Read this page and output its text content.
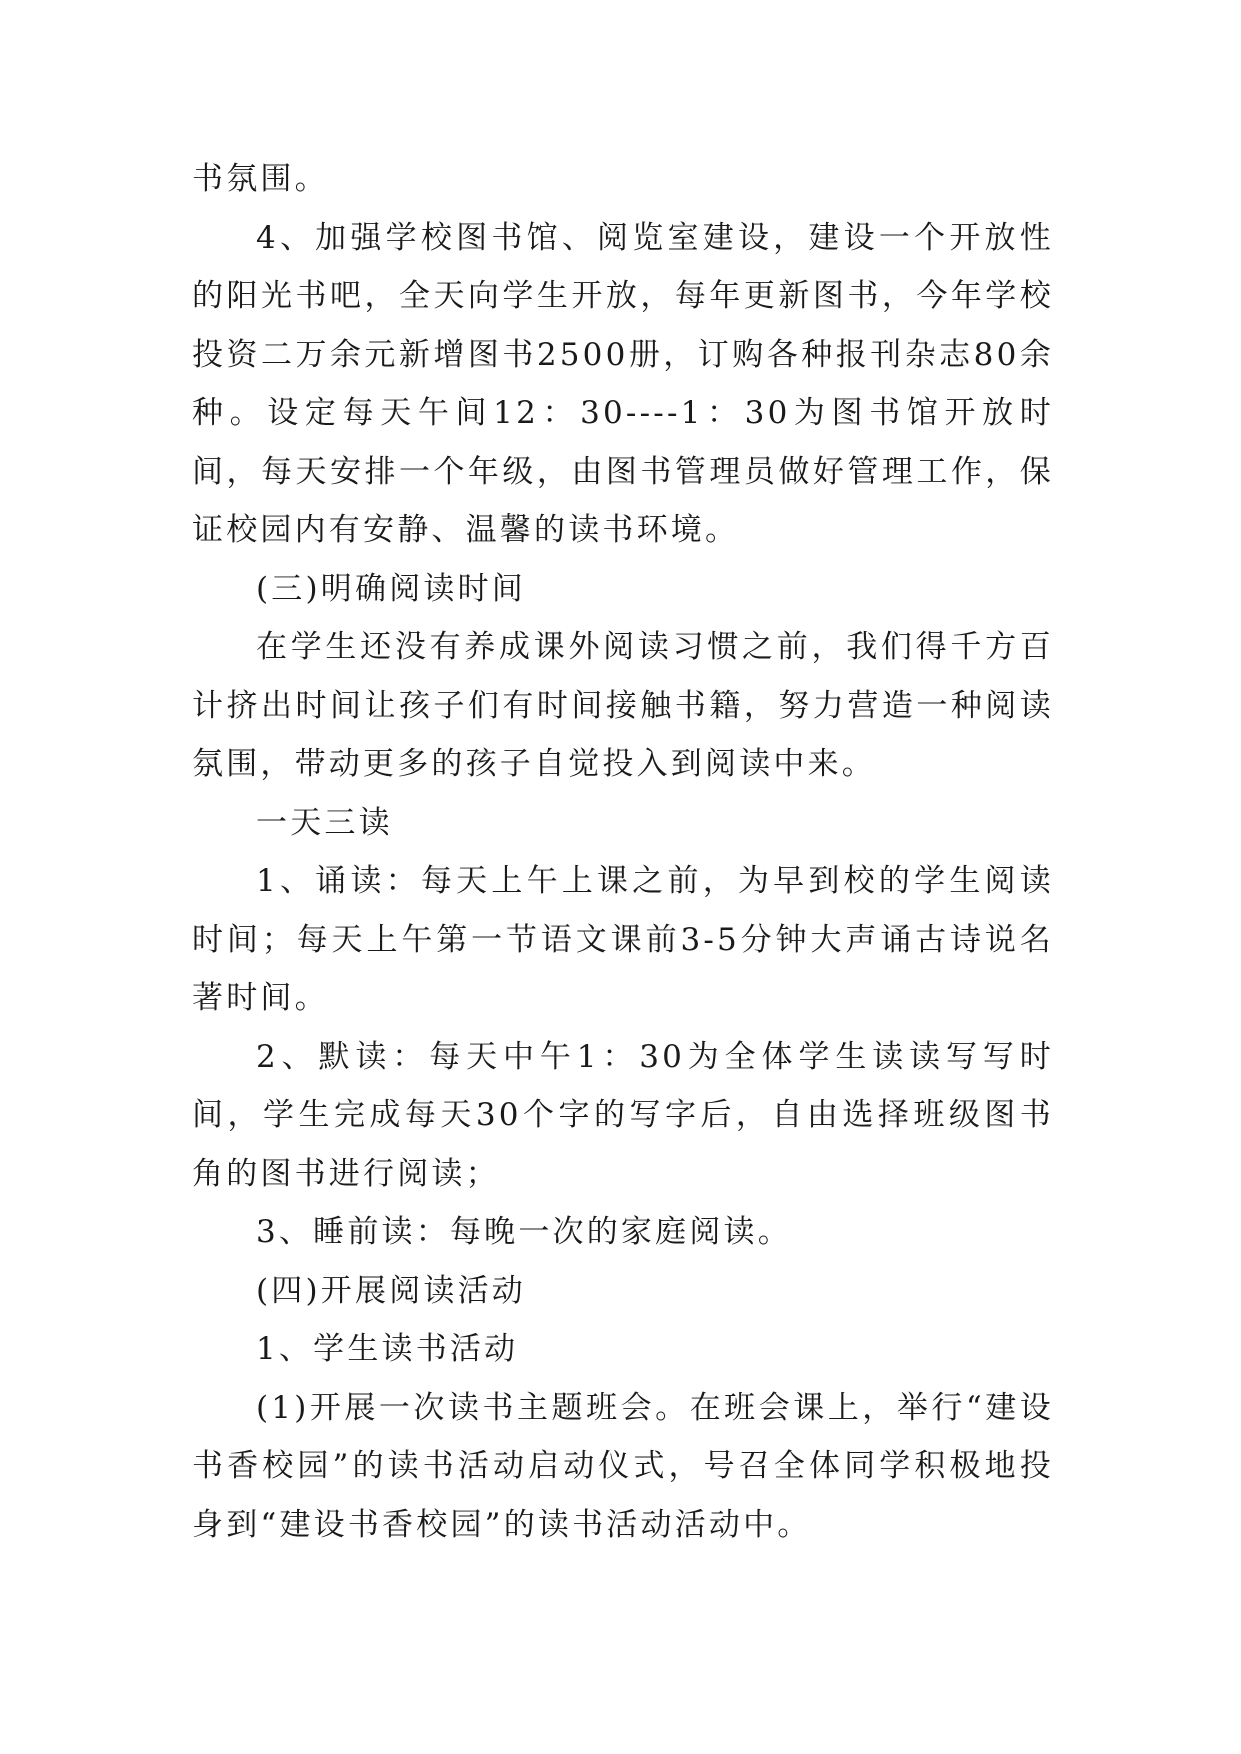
书氛围。

4、加强学校图书馆、阅览室建设，建设一个开放性的阳光书吧，全天向学生开放，每年更新图书，今年学校投资二万余元新增图书2500册，订购各种报刊杂志80余种。设定每天午间12：30----1：30为图书馆开放时间，每天安排一个年级，由图书管理员做好管理工作，保证校园内有安静、温馨的读书环境。

(三)明确阅读时间

在学生还没有养成课外阅读习惯之前，我们得千方百计挤出时间让孩子们有时间接触书籍，努力营造一种阅读氛围，带动更多的孩子自觉投入到阅读中来。

一天三读

1、诵读：每天上午上课之前，为早到校的学生阅读时间；每天上午第一节语文课前3-5分钟大声诵古诗说名著时间。

2、默读：每天中午1：30为全体学生读读写写时间，学生完成每天30个字的写字后，自由选择班级图书角的图书进行阅读；

3、睡前读：每晚一次的家庭阅读。

(四)开展阅读活动

1、学生读书活动

(1)开展一次读书主题班会。在班会课上，举行“建设书香校园”的读书活动启动仪式，号召全体同学积极地投身到“建设书香校园”的读书活动活动中。
